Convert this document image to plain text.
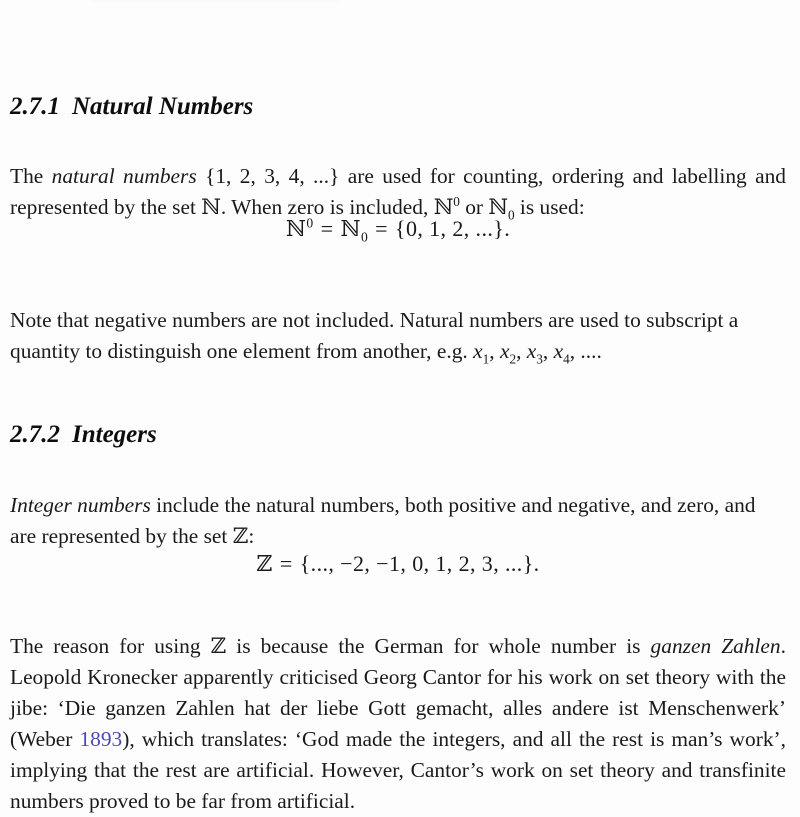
2.7.1 Natural Numbers

The natural numbers {1, 2, 3, 4, ...} are used for counting, ordering and labelling and represented by the set ℕ. When zero is included, ℕ$^0$ or ℕ$_0$ is used:

ℕ$^0$ = ℕ$_0$ = {0, 1, 2, ...}.

Note that negative numbers are not included. Natural numbers are used to subscript a quantity to distinguish one element from another, e.g. $x_1$, $x_2$, $x_3$, $x_4$, ....

2.7.2 Integers

Integer numbers include the natural numbers, both positive and negative, and zero, and are represented by the set ℤ:

ℤ = {..., −2, −1, 0, 1, 2, 3, ...}.

The reason for using ℤ is because the German for whole number is ganzen Zahlen. Leopold Kronecker apparently criticised Georg Cantor for his work on set theory with the jibe: ‘Die ganzen Zahlen hat der liebe Gott gemacht, alles andere ist Menschenwerk’ (Weber 1893), which translates: ‘God made the integers, and all the rest is man’s work’, implying that the rest are artificial. However, Cantor’s work on set theory and transfinite numbers proved to be far from artificial.
